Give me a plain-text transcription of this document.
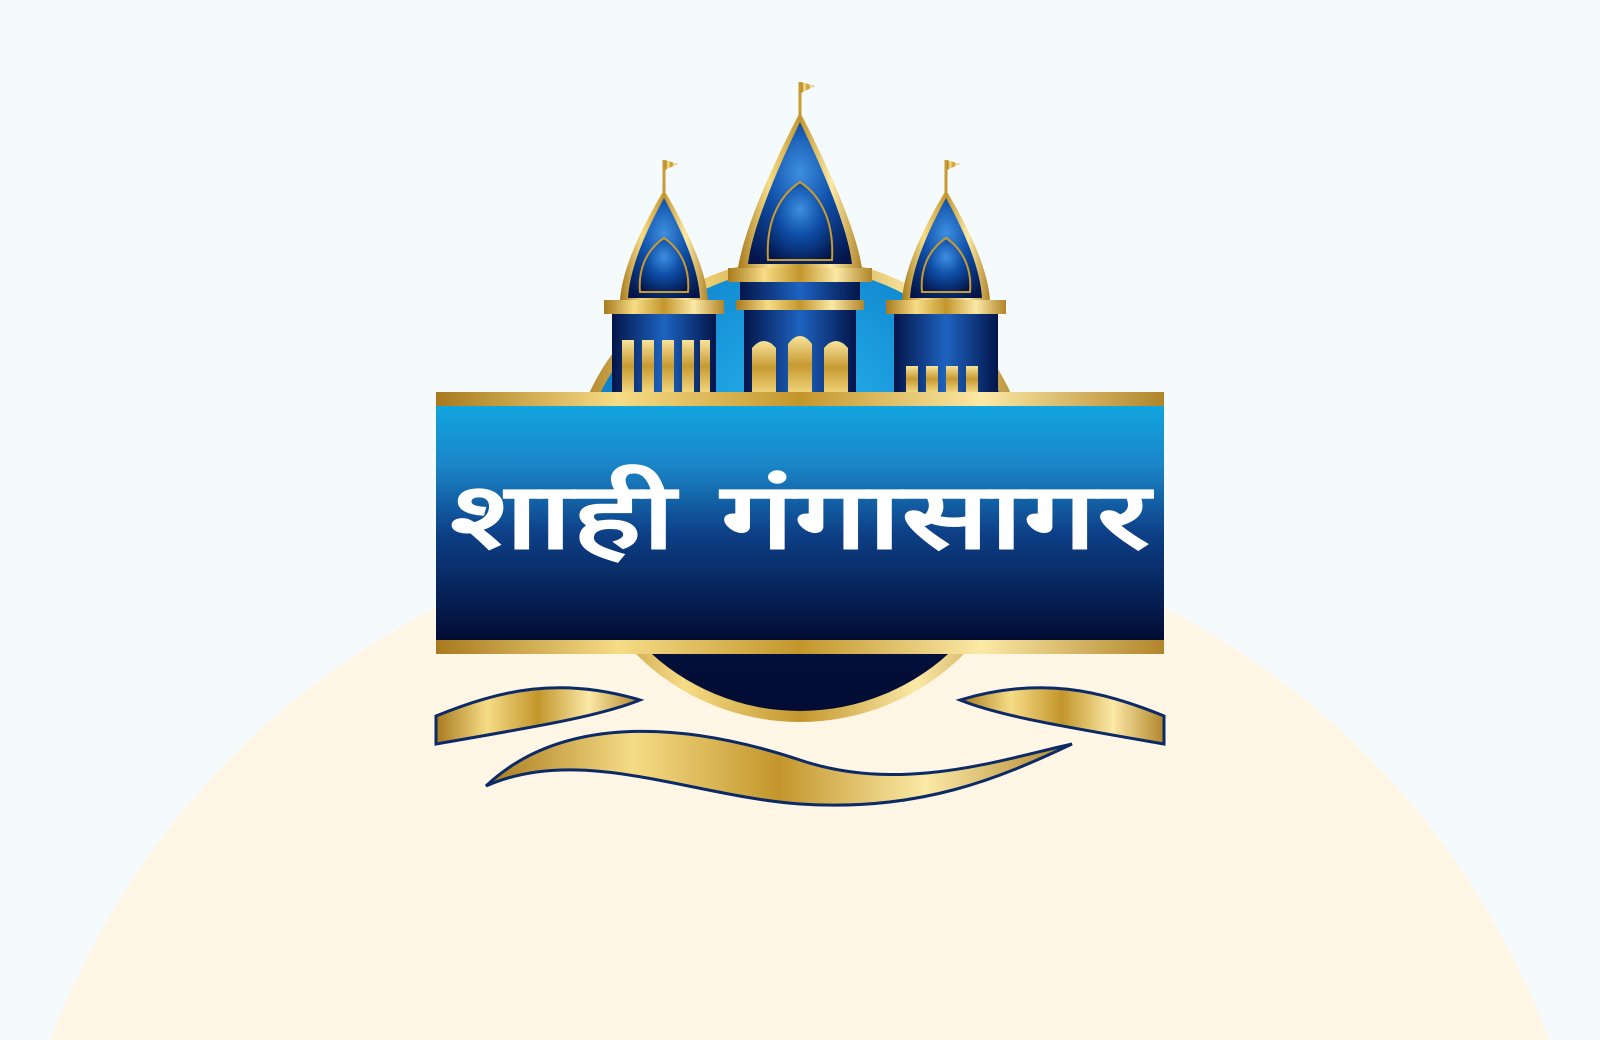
शाही गंगासागर
